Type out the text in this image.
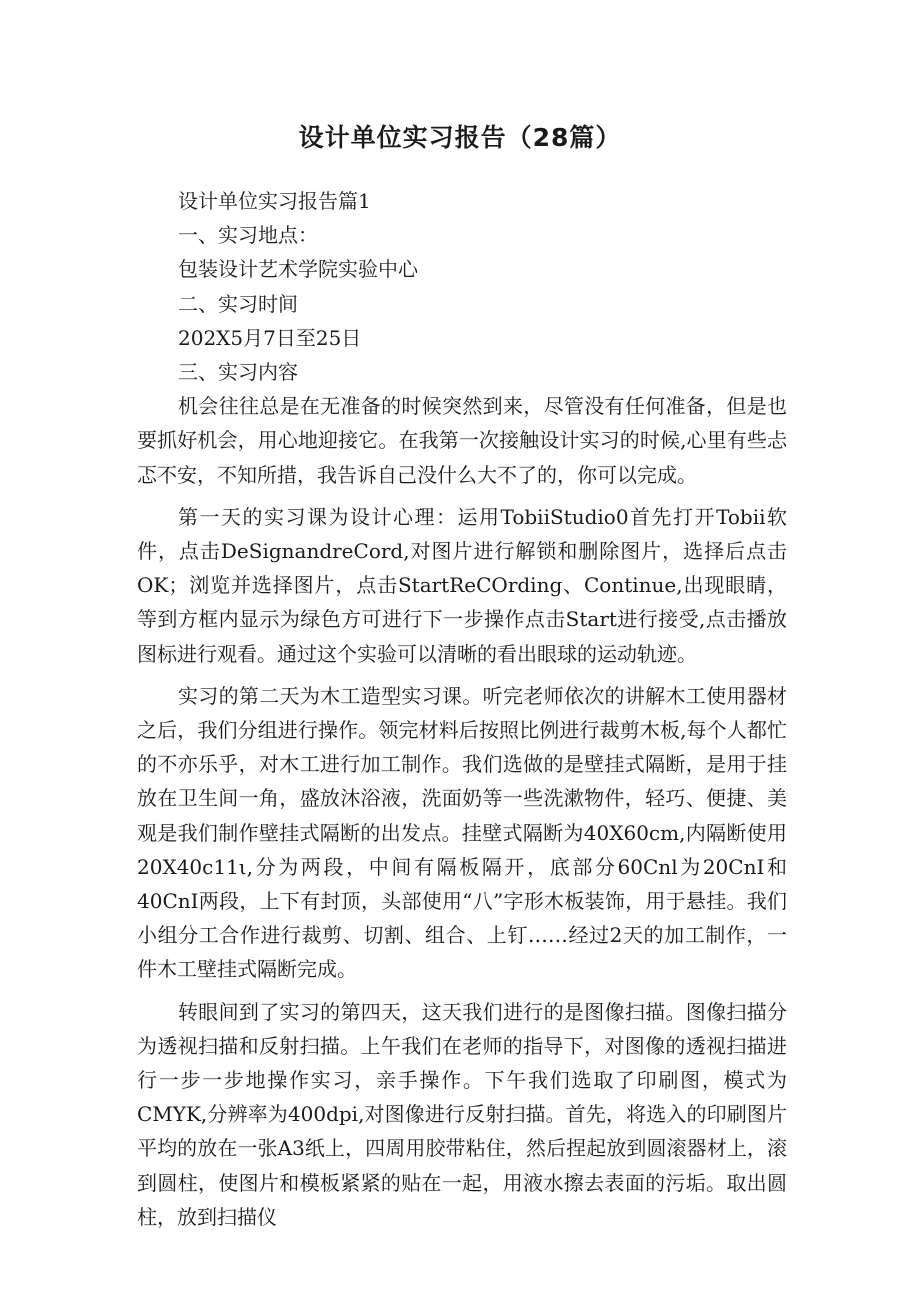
设计单位实习报告（28篇）

设计单位实习报告篇1

一、实习地点：

包装设计艺术学院实验中心

二、实习时间

202X5月7日至25日

三、实习内容

机会往往总是在无准备的时候突然到来，尽管没有任何准备，但是也要抓好机会，用心地迎接它。在我第一次接触设计实习的时候,心里有些忐忑不安，不知所措，我告诉自己没什么大不了的，你可以完成。

第一天的实习课为设计心理：运用TobiiStudio0首先打开Tobii软件，点击DeSignandreCord,对图片进行解锁和删除图片，选择后点击OK；浏览并选择图片，点击StartReCOrding、Continue,出现眼睛，等到方框内显示为绿色方可进行下一步操作点击Start进行接受,点击播放图标进行观看。通过这个实验可以清晰的看出眼球的运动轨迹。

实习的第二天为木工造型实习课。听完老师依次的讲解木工使用器材之后，我们分组进行操作。领完材料后按照比例进行裁剪木板,每个人都忙的不亦乐乎，对木工进行加工制作。我们选做的是壁挂式隔断，是用于挂放在卫生间一角，盛放沐浴液，洗面奶等一些洗漱物件，轻巧、便捷、美观是我们制作壁挂式隔断的出发点。挂壁式隔断为40X60cm,内隔断使用20X40c11ι,分为两段，中间有隔板隔开，底部分60Cnl为20CnI和40CnI两段，上下有封顶，头部使用“八”字形木板装饰，用于悬挂。我们小组分工合作进行裁剪、切割、组合、上钉……经过2天的加工制作，一件木工壁挂式隔断完成。

转眼间到了实习的第四天，这天我们进行的是图像扫描。图像扫描分为透视扫描和反射扫描。上午我们在老师的指导下，对图像的透视扫描进行一步一步地操作实习，亲手操作。下午我们选取了印刷图，模式为CMYK,分辨率为400dpi,对图像进行反射扫描。首先，将选入的印刷图片平均的放在一张A3纸上，四周用胶带粘住，然后捏起放到圆滚器材上，滚到圆柱，使图片和模板紧紧的贴在一起，用液水擦去表面的污垢。取出圆柱，放到扫描仪
